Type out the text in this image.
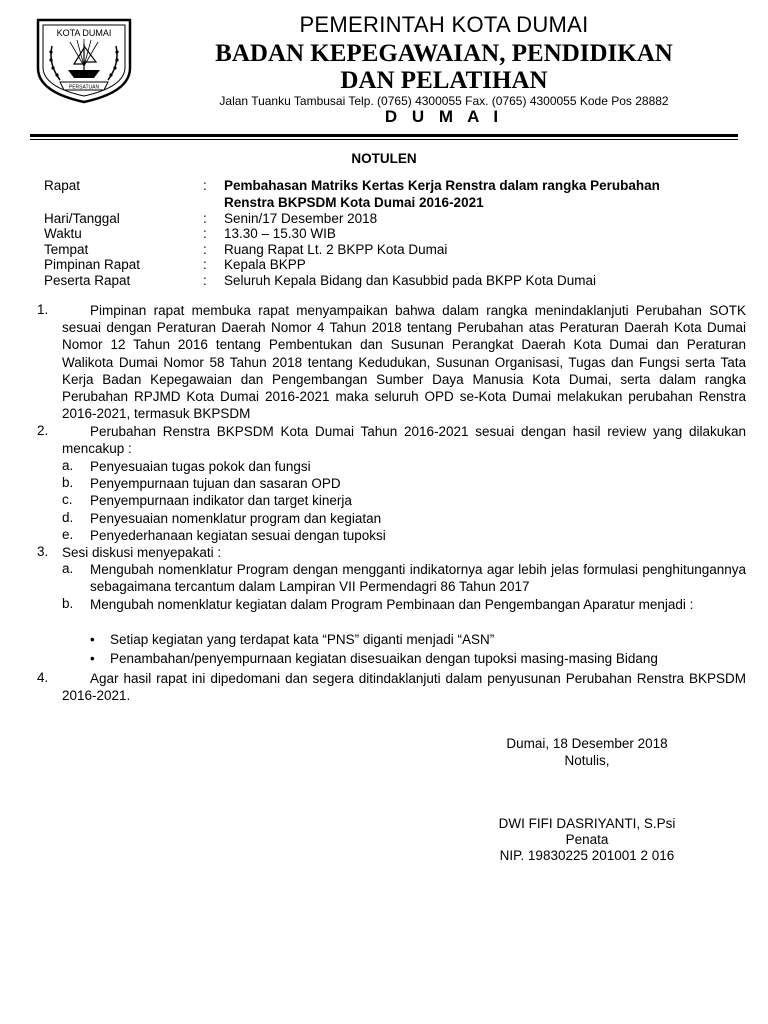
KOTA DUMAI
PERSATUAN
PEMERINTAH KOTA DUMAI
BADAN KEPEGAWAIAN, PENDIDIKAN
DAN PELATIHAN
Jalan Tuanku Tambusai Telp. (0765) 4300055 Fax. (0765) 4300055 Kode Pos 28882
D U M A I
NOTULEN
Rapat	: Pembahasan Matriks Kertas Kerja Renstra dalam rangka Perubahan
Renstra BKPSDM Kota Dumai 2016-2021
Hari/Tanggal	: Senin/17 Desember 2018
Waktu	: 13.30 – 15.30 WIB
Tempat	: Ruang Rapat Lt. 2 BKPP Kota Dumai
Pimpinan Rapat	: Kepala BKPP
Peserta Rapat	: Seluruh Kepala Bidang dan Kasubbid pada BKPP Kota Dumai
1.	Pimpinan rapat membuka rapat menyampaikan bahwa dalam rangka menindaklanjuti Perubahan SOTK sesuai dengan Peraturan Daerah Nomor 4 Tahun 2018 tentang Perubahan atas Peraturan Daerah Kota Dumai Nomor 12 Tahun 2016 tentang Pembentukan dan Susunan Perangkat Daerah Kota Dumai dan Peraturan Walikota Dumai Nomor 58 Tahun 2018 tentang Kedudukan, Susunan Organisasi, Tugas dan Fungsi serta Tata Kerja Badan Kepegawaian dan Pengembangan Sumber Daya Manusia Kota Dumai, serta dalam rangka Perubahan RPJMD Kota Dumai 2016-2021 maka seluruh OPD se-Kota Dumai melakukan perubahan Renstra 2016-2021, termasuk BKPSDM
2.	Perubahan Renstra BKPSDM Kota Dumai Tahun 2016-2021 sesuai dengan hasil review yang dilakukan mencakup :
a. Penyesuaian tugas pokok dan fungsi
b. Penyempurnaan tujuan dan sasaran OPD
c. Penyempurnaan indikator dan target kinerja
d. Penyesuaian nomenklatur program dan kegiatan
e. Penyederhanaan kegiatan sesuai dengan tupoksi
3. Sesi diskusi menyepakati :
a. Mengubah nomenklatur Program dengan mengganti indikatornya agar lebih jelas formulasi penghitungannya sebagaimana tercantum dalam Lampiran VII Permendagri 86 Tahun 2017
b. Mengubah nomenklatur kegiatan dalam Program Pembinaan dan Pengembangan Aparatur menjadi :
• Setiap kegiatan yang terdapat kata “PNS” diganti menjadi “ASN”
• Penambahan/penyempurnaan kegiatan disesuaikan dengan tupoksi masing-masing Bidang
4.	Agar hasil rapat ini dipedomani dan segera ditindaklanjuti dalam penyusunan Perubahan Renstra BKPSDM 2016-2021.
Dumai, 18 Desember 2018
Notulis,
DWI FIFI DASRIYANTI, S.Psi
Penata
NIP. 19830225 201001 2 016
